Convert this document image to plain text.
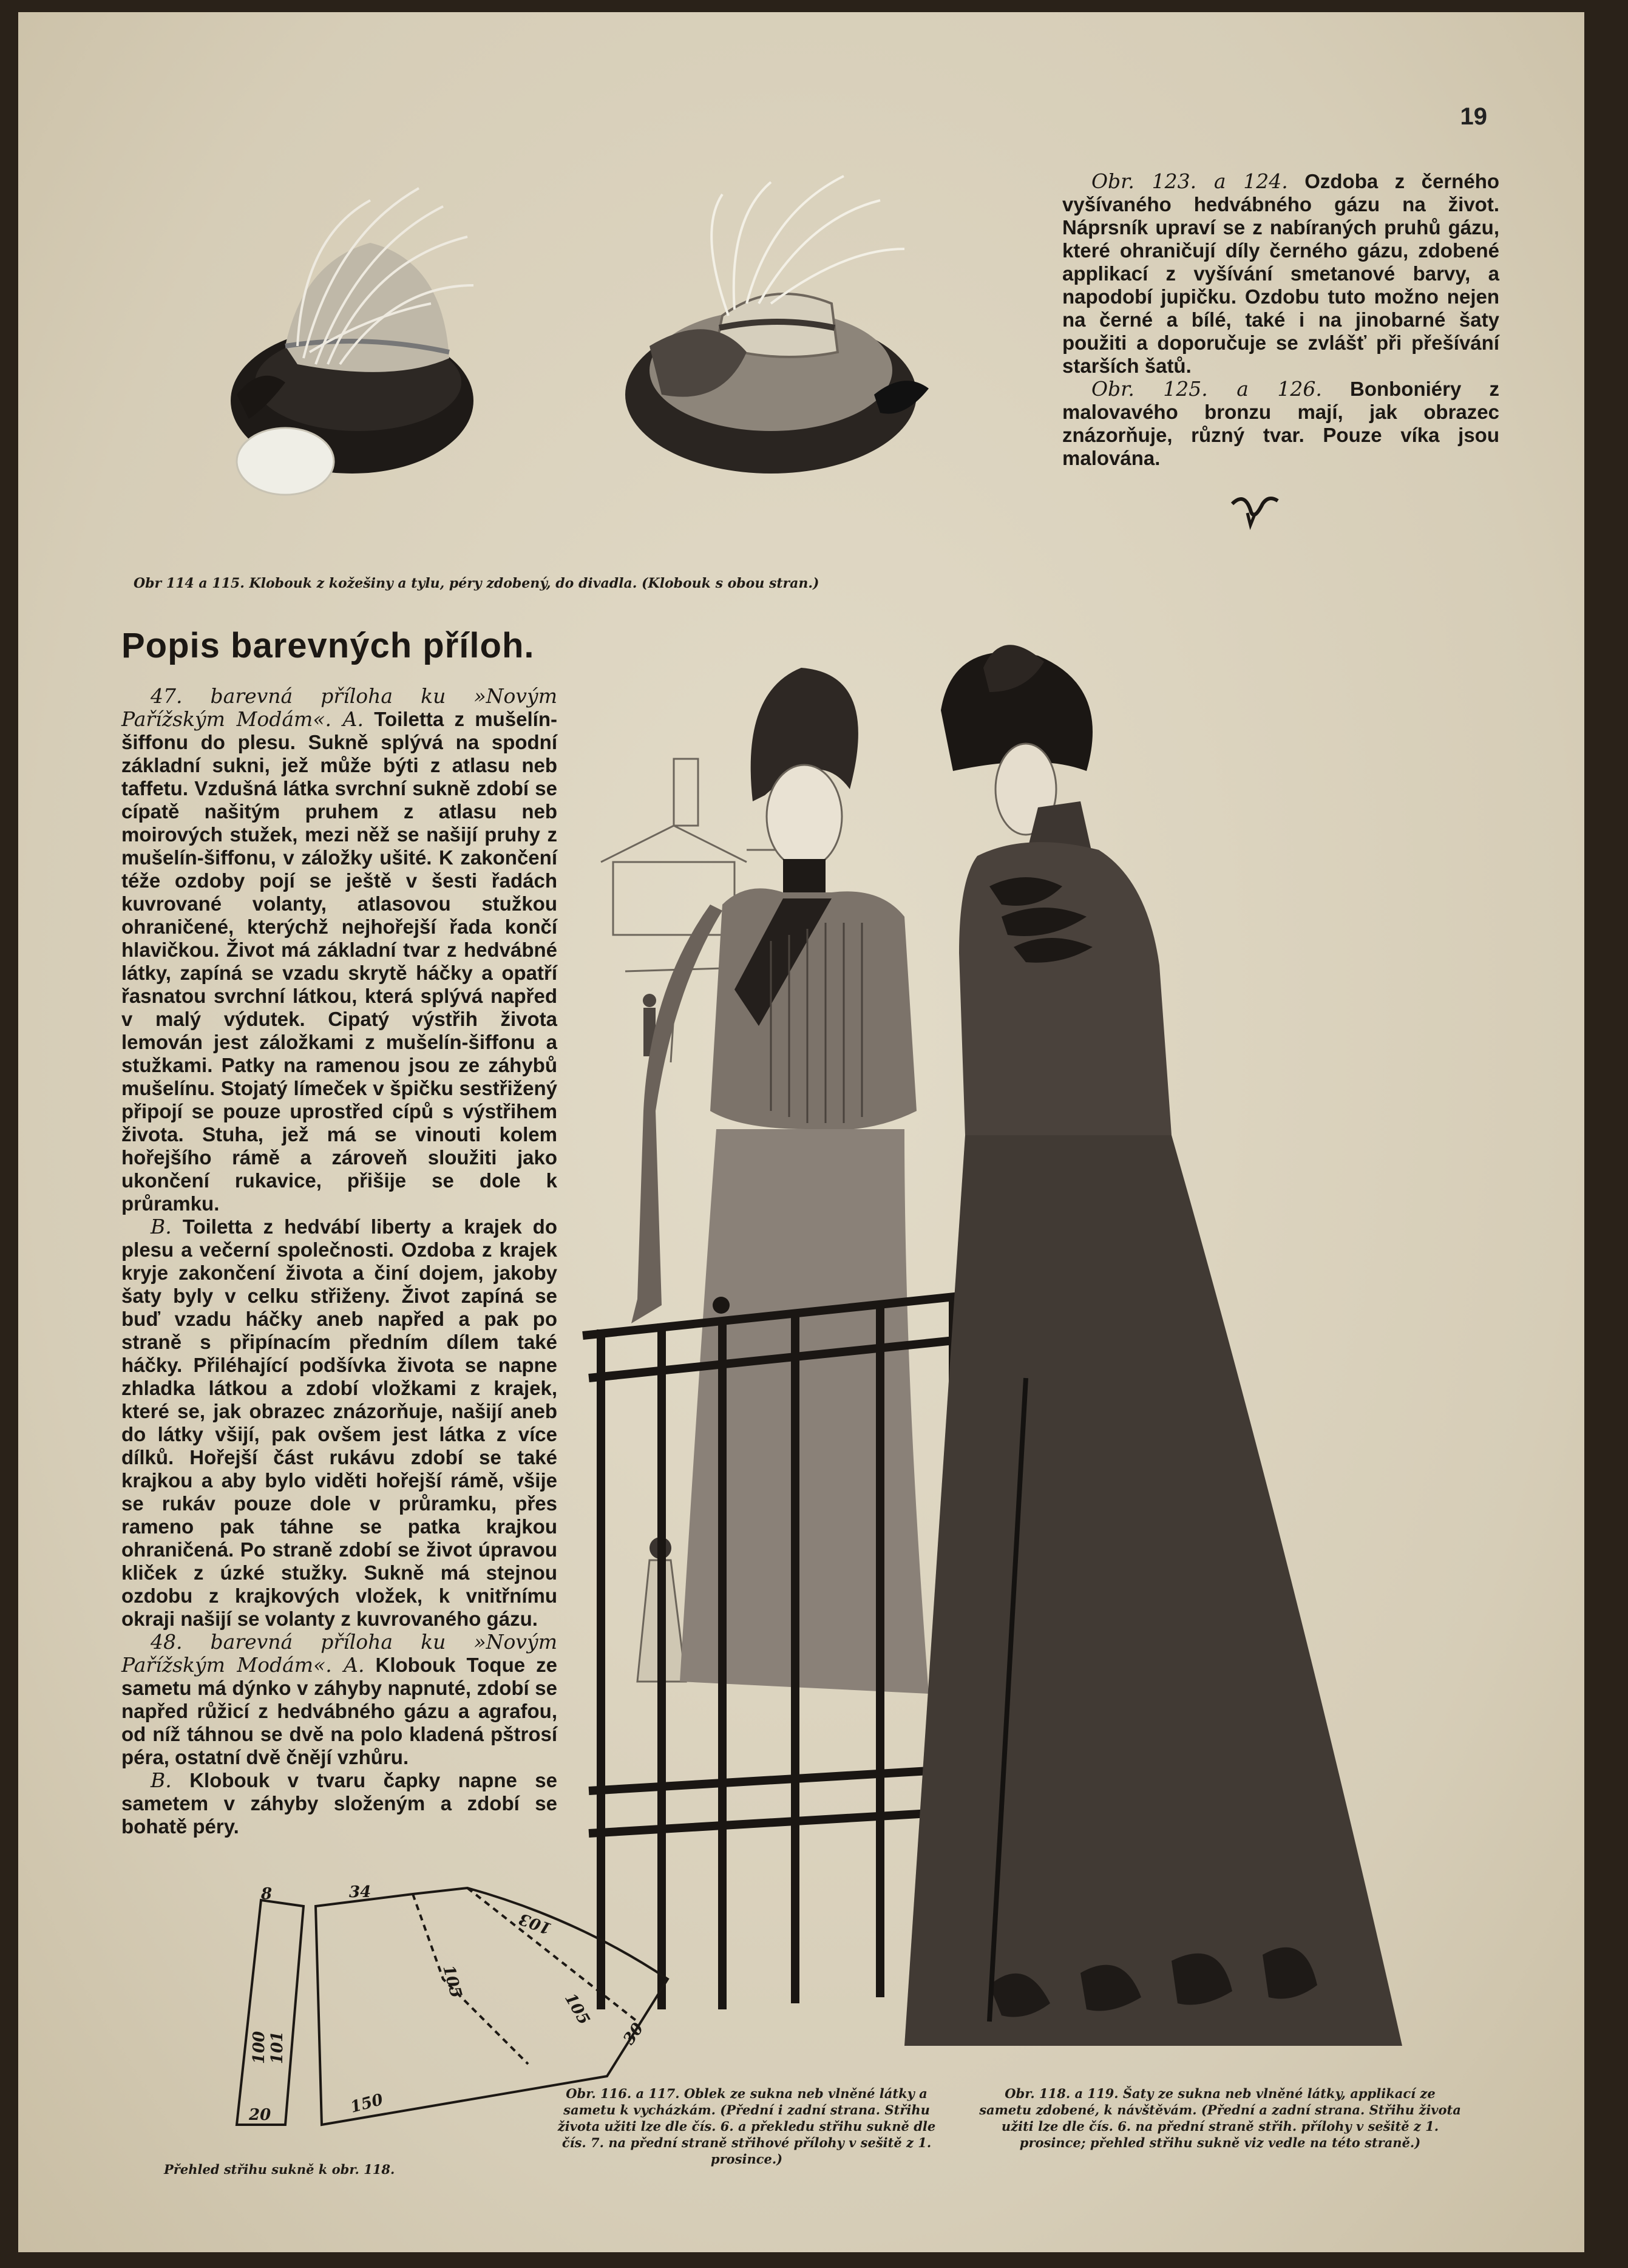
19

Obr. 123. a 124. Ozdoba z černého vyšívaného hedvábného gázu na život. Náprsník upraví se z nabíraných pruhů gázu, které ohraničují díly černého gázu, zdobené applikací z vyšívání smetanové barvy, a napodobí jupičku. Ozdobu tuto možno nejen na černé a bílé, také i na jinobarné šaty použiti a doporučuje se zvlášť při přešívání starších šatů.

Obr. 125. a 126. Bonboniéry z malovavého bronzu mají, jak obrazec znázorňuje, různý tvar. Pouze víka jsou malována.

Obr 114 a 115. Klobouk z kožešiny a tylu, péry zdobený, do divadla. (Klobouk s obou stran.)
Popis barevných příloh.

47. barevná příloha ku »Novým Pařížským Modám«. A. Toiletta z mušelín-šiffonu do plesu. Sukně splývá na spodní základní sukni, jež může býti z atlasu neb taffetu. Vzdušná látka svrchní sukně zdobí se cípatě našitým pruhem z atlasu neb moirových stužek, mezi něž se našijí pruhy z mušelín-šiffonu, v záložky ušité. K zakončení téže ozdoby pojí se ještě v šesti řadách kuvrované volanty, atlasovou stužkou ohraničené, kterýchž nejhořejší řada končí hlavičkou. Život má základní tvar z hedvábné látky, zapíná se vzadu skrytě háčky a opatří řasnatou svrchní látkou, která splývá napřed v malý výdutek. Cipatý výstřih života lemován jest záložkami z mušelín-šiffonu a stužkami. Patky na ramenou jsou ze záhybů mušelínu. Stojatý límeček v špičku sestřižený připojí se pouze uprostřed cípů s výstřihem života. Stuha, jež má se vinouti kolem hořejšího rámě a zároveň sloužiti jako ukončení rukavice, přišije se dole k průramku.

B. Toiletta z hedvábí liberty a krajek do plesu a večerní společnosti. Ozdoba z krajek kryje zakončení života a činí dojem, jakoby šaty byly v celku střiženy. Život zapíná se buď vzadu háčky aneb napřed a pak po straně s připínacím předním dílem také háčky. Přiléhající podšívka života se napne zhladka látkou a zdobí vložkami z krajek, které se, jak obrazec znázorňuje, našijí aneb do látky všijí, pak ovšem jest látka z více dílků. Hořejší část rukávu zdobí se také krajkou a aby bylo viděti hořejší rámě, všije se rukáv pouze dole v průramku, přes rameno pak táhne se patka krajkou ohraničená. Po straně zdobí se život úpravou kliček z úzké stužky. Sukně má stejnou ozdobu z krajkových vložek, k vnitřnímu okraji našijí se volanty z kuvrovaného gázu.

48. barevná příloha ku »Novým Pařížským Modám«. A. Klobouk Toque ze sametu má dýnko v záhyby napnuté, zdobí se napřed růžicí z hedvábného gázu a agrafou, od níž táhnou se dvě na polo kladená pštrosí péra, ostatní dvě čnějí vzhůru.

B. Klobouk v tvaru čapky napne se sametem v záhyby složeným a zdobí se bohatě péry.

8	34
103
105
105
30
100 101
150
20
Přehled střihu sukně k obr. 118.
Obr. 116. a 117. Oblek ze sukna neb vlněné látky a sametu k vycházkám. (Přední i zadní strana. Střihu života užiti lze dle čís. 6. a překledu střihu sukně dle čís. 7. na přední straně střihové přílohy v sešitě z 1. prosince.)
Obr. 118. a 119. Šaty ze sukna neb vlněné látky, applikací ze sametu zdobené, k návštěvám. (Přední a zadní strana. Střihu života užiti lze dle čís. 6. na přední straně střih. přílohy v sešitě z 1. prosince; přehled střihu sukně viz vedle na této straně.)
